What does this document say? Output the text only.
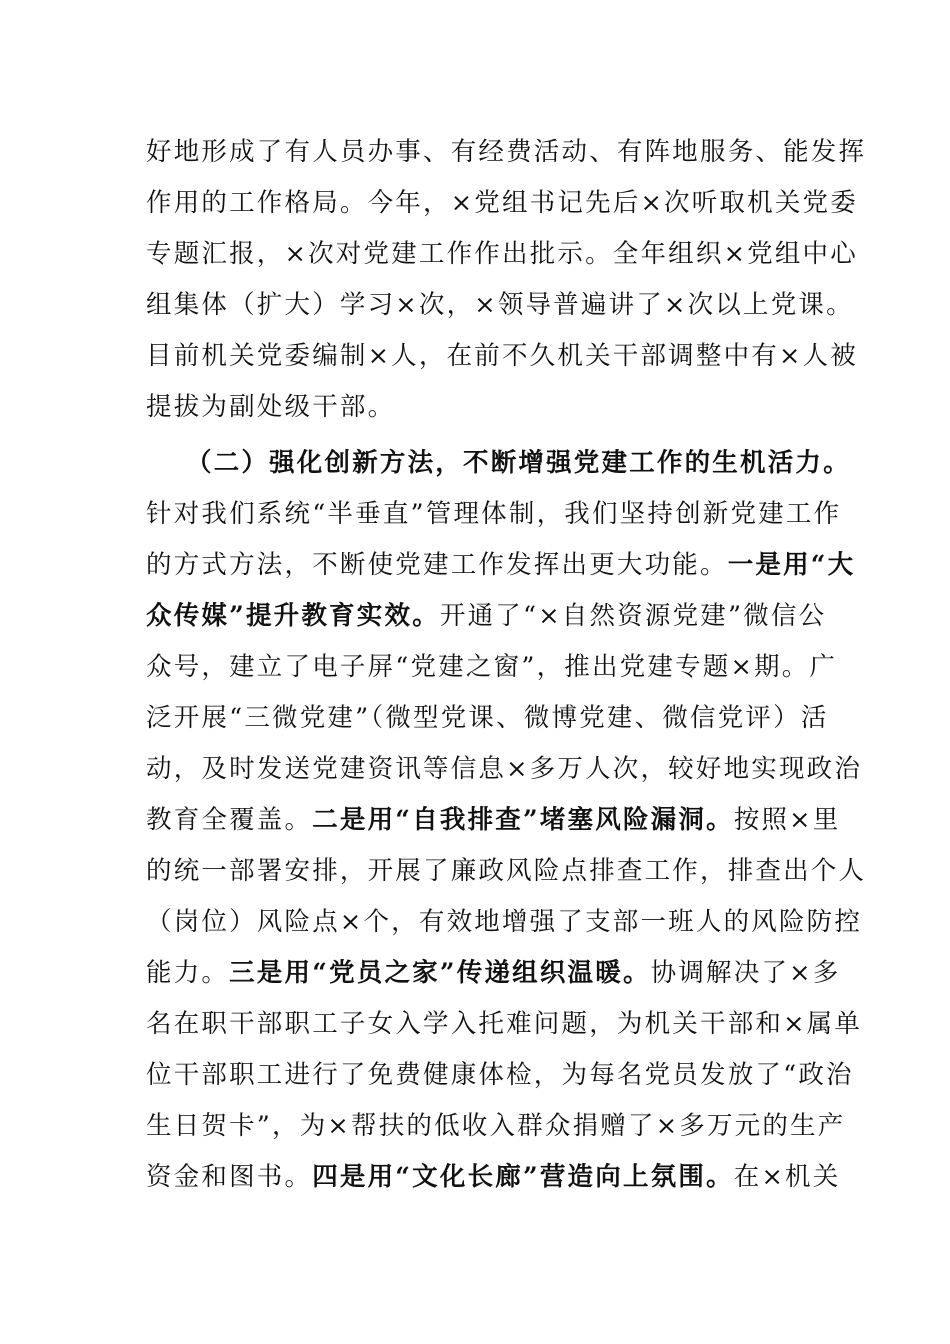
好地形成了有人员办事、有经费活动、有阵地服务、能发挥
作用的工作格局。今年，×党组书记先后×次听取机关党委
专题汇报，×次对党建工作作出批示。全年组织×党组中心
组集体（扩大）学习×次，×领导普遍讲了×次以上党课。
目前机关党委编制×人，在前不久机关干部调整中有×人被
提拔为副处级干部。
（二）强化创新方法，不断增强党建工作的生机活力。
针对我们系统“半垂直”管理体制，我们坚持创新党建工作
的方式方法，不断使党建工作发挥出更大功能。一是用“大
众传媒”提升教育实效。开通了“×自然资源党建”微信公
众号，建立了电子屏“党建之窗”，推出党建专题×期。广
泛开展“三微党建”（微型党课、微博党建、微信党评）活
动，及时发送党建资讯等信息×多万人次，较好地实现政治
教育全覆盖。二是用“自我排查”堵塞风险漏洞。按照×里
的统一部署安排，开展了廉政风险点排查工作，排查出个人
（岗位）风险点×个，有效地增强了支部一班人的风险防控
能力。三是用“党员之家”传递组织温暖。协调解决了×多
名在职干部职工子女入学入托难问题，为机关干部和×属单
位干部职工进行了免费健康体检，为每名党员发放了“政治
生日贺卡”，为×帮扶的低收入群众捐赠了×多万元的生产
资金和图书。四是用“文化长廊”营造向上氛围。在×机关
